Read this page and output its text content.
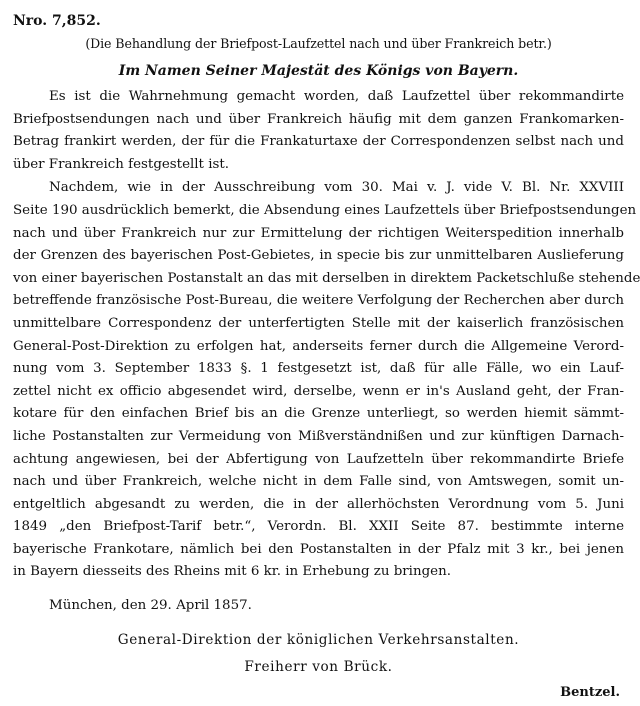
Nro. 7,852.
(Die Behandlung der Briefpost-Laufzettel nach und über Frankreich betr.)
Im Namen Seiner Majestät des Königs von Bayern.
Es ist die Wahrnehmung gemacht worden, daß Laufzettel über rekommandirte
Briefpostsendungen nach und über Frankreich häufig mit dem ganzen Frankomarken-
Betrag frankirt werden, der für die Frankaturtaxe der Correspondenzen selbst nach und
über Frankreich festgestellt ist.
Nachdem, wie in der Ausschreibung vom 30. Mai v. J. vide V. Bl. Nr. XXVIII
Seite 190 ausdrücklich bemerkt, die Absendung eines Laufzettels über Briefpostsendungen
nach und über Frankreich nur zur Ermittelung der richtigen Weiterspedition innerhalb
der Grenzen des bayerischen Post-Gebietes, in specie bis zur unmittelbaren Auslieferung
von einer bayerischen Postanstalt an das mit derselben in direktem Packetschluße stehende
betreffende französische Post-Bureau, die weitere Verfolgung der Recherchen aber durch
unmittelbare Correspondenz der unterfertigten Stelle mit der kaiserlich französischen
General-Post-Direktion zu erfolgen hat, anderseits ferner durch die Allgemeine Verord-
nung vom 3. September 1833 §. 1 festgesetzt ist, daß für alle Fälle, wo ein Lauf-
zettel nicht ex officio abgesendet wird, derselbe, wenn er in's Ausland geht, der Fran-
kotare für den einfachen Brief bis an die Grenze unterliegt, so werden hiemit sämmt-
liche Postanstalten zur Vermeidung von Mißverständnißen und zur künftigen Darnach-
achtung angewiesen, bei der Abfertigung von Laufzetteln über rekommandirte Briefe
nach und über Frankreich, welche nicht in dem Falle sind, von Amtswegen, somit un-
entgeltlich abgesandt zu werden, die in der allerhöchsten Verordnung vom 5. Juni
1849 „den Briefpost-Tarif betr.“, Verordn. Bl. XXII Seite 87. bestimmte interne
bayerische Frankotare, nämlich bei den Postanstalten in der Pfalz mit 3 kr., bei jenen
in Bayern diesseits des Rheins mit 6 kr. in Erhebung zu bringen.
München, den 29. April 1857.
General-Direktion der königlichen Verkehrsanstalten.
Freiherr von Brück.
Bentzel.
